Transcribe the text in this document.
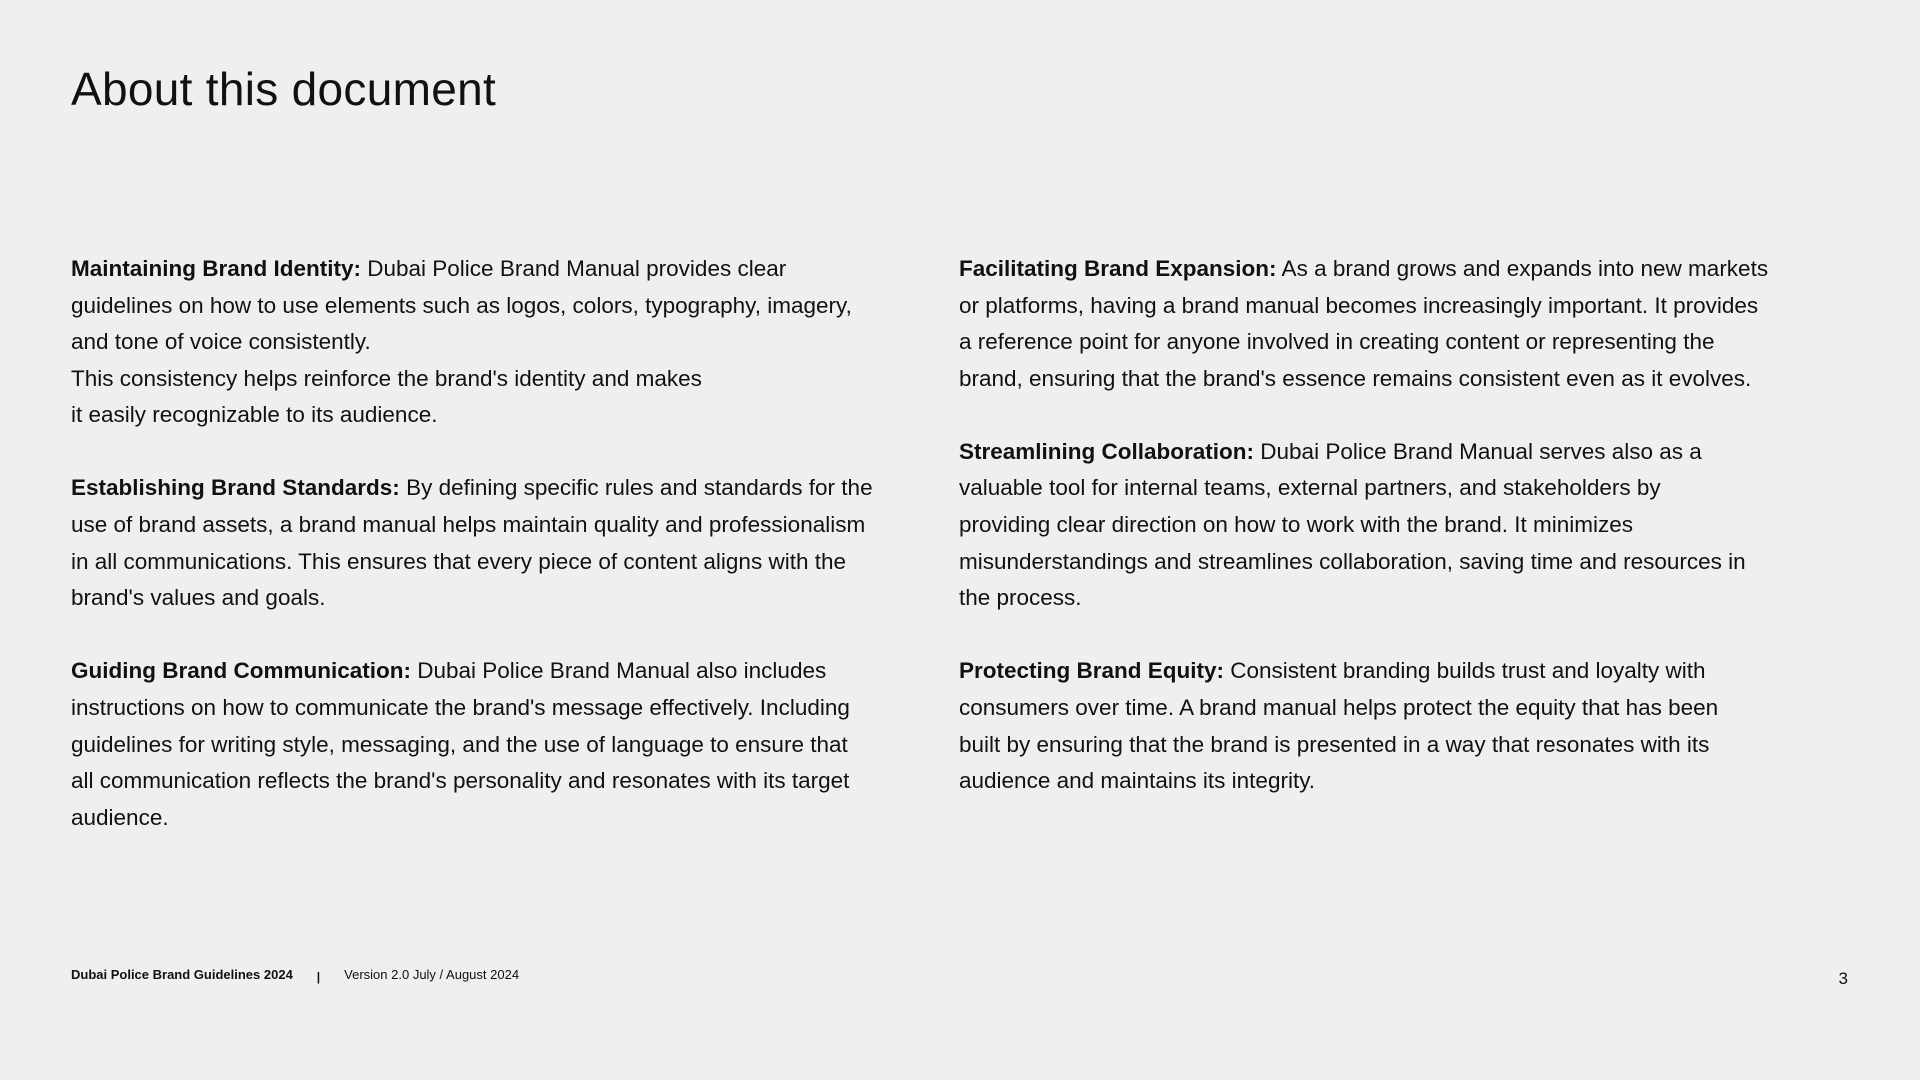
About this document

Maintaining Brand Identity: Dubai Police Brand Manual provides clear
guidelines on how to use elements such as logos, colors, typography, imagery,
and tone of voice consistently.
This consistency helps reinforce the brand's identity and makes
it easily recognizable to its audience.

Establishing Brand Standards: By defining specific rules and standards for the
use of brand assets, a brand manual helps maintain quality and professionalism
in all communications. This ensures that every piece of content aligns with the
brand's values and goals.

Guiding Brand Communication: Dubai Police Brand Manual also includes
instructions on how to communicate the brand's message effectively. Including
guidelines for writing style, messaging, and the use of language to ensure that
all communication reflects the brand's personality and resonates with its target
audience.

Facilitating Brand Expansion: As a brand grows and expands into new markets
or platforms, having a brand manual becomes increasingly important. It provides
a reference point for anyone involved in creating content or representing the
brand, ensuring that the brand's essence remains consistent even as it evolves.

Streamlining Collaboration: Dubai Police Brand Manual serves also as a
valuable tool for internal teams, external partners, and stakeholders by
providing clear direction on how to work with the brand. It minimizes
misunderstandings and streamlines collaboration, saving time and resources in
the process.

Protecting Brand Equity: Consistent branding builds trust and loyalty with
consumers over time. A brand manual helps protect the equity that has been
built by ensuring that the brand is presented in a way that resonates with its
audience and maintains its integrity.

Dubai Police Brand Guidelines 2024 | Version 2.0 July / August 2024	3
